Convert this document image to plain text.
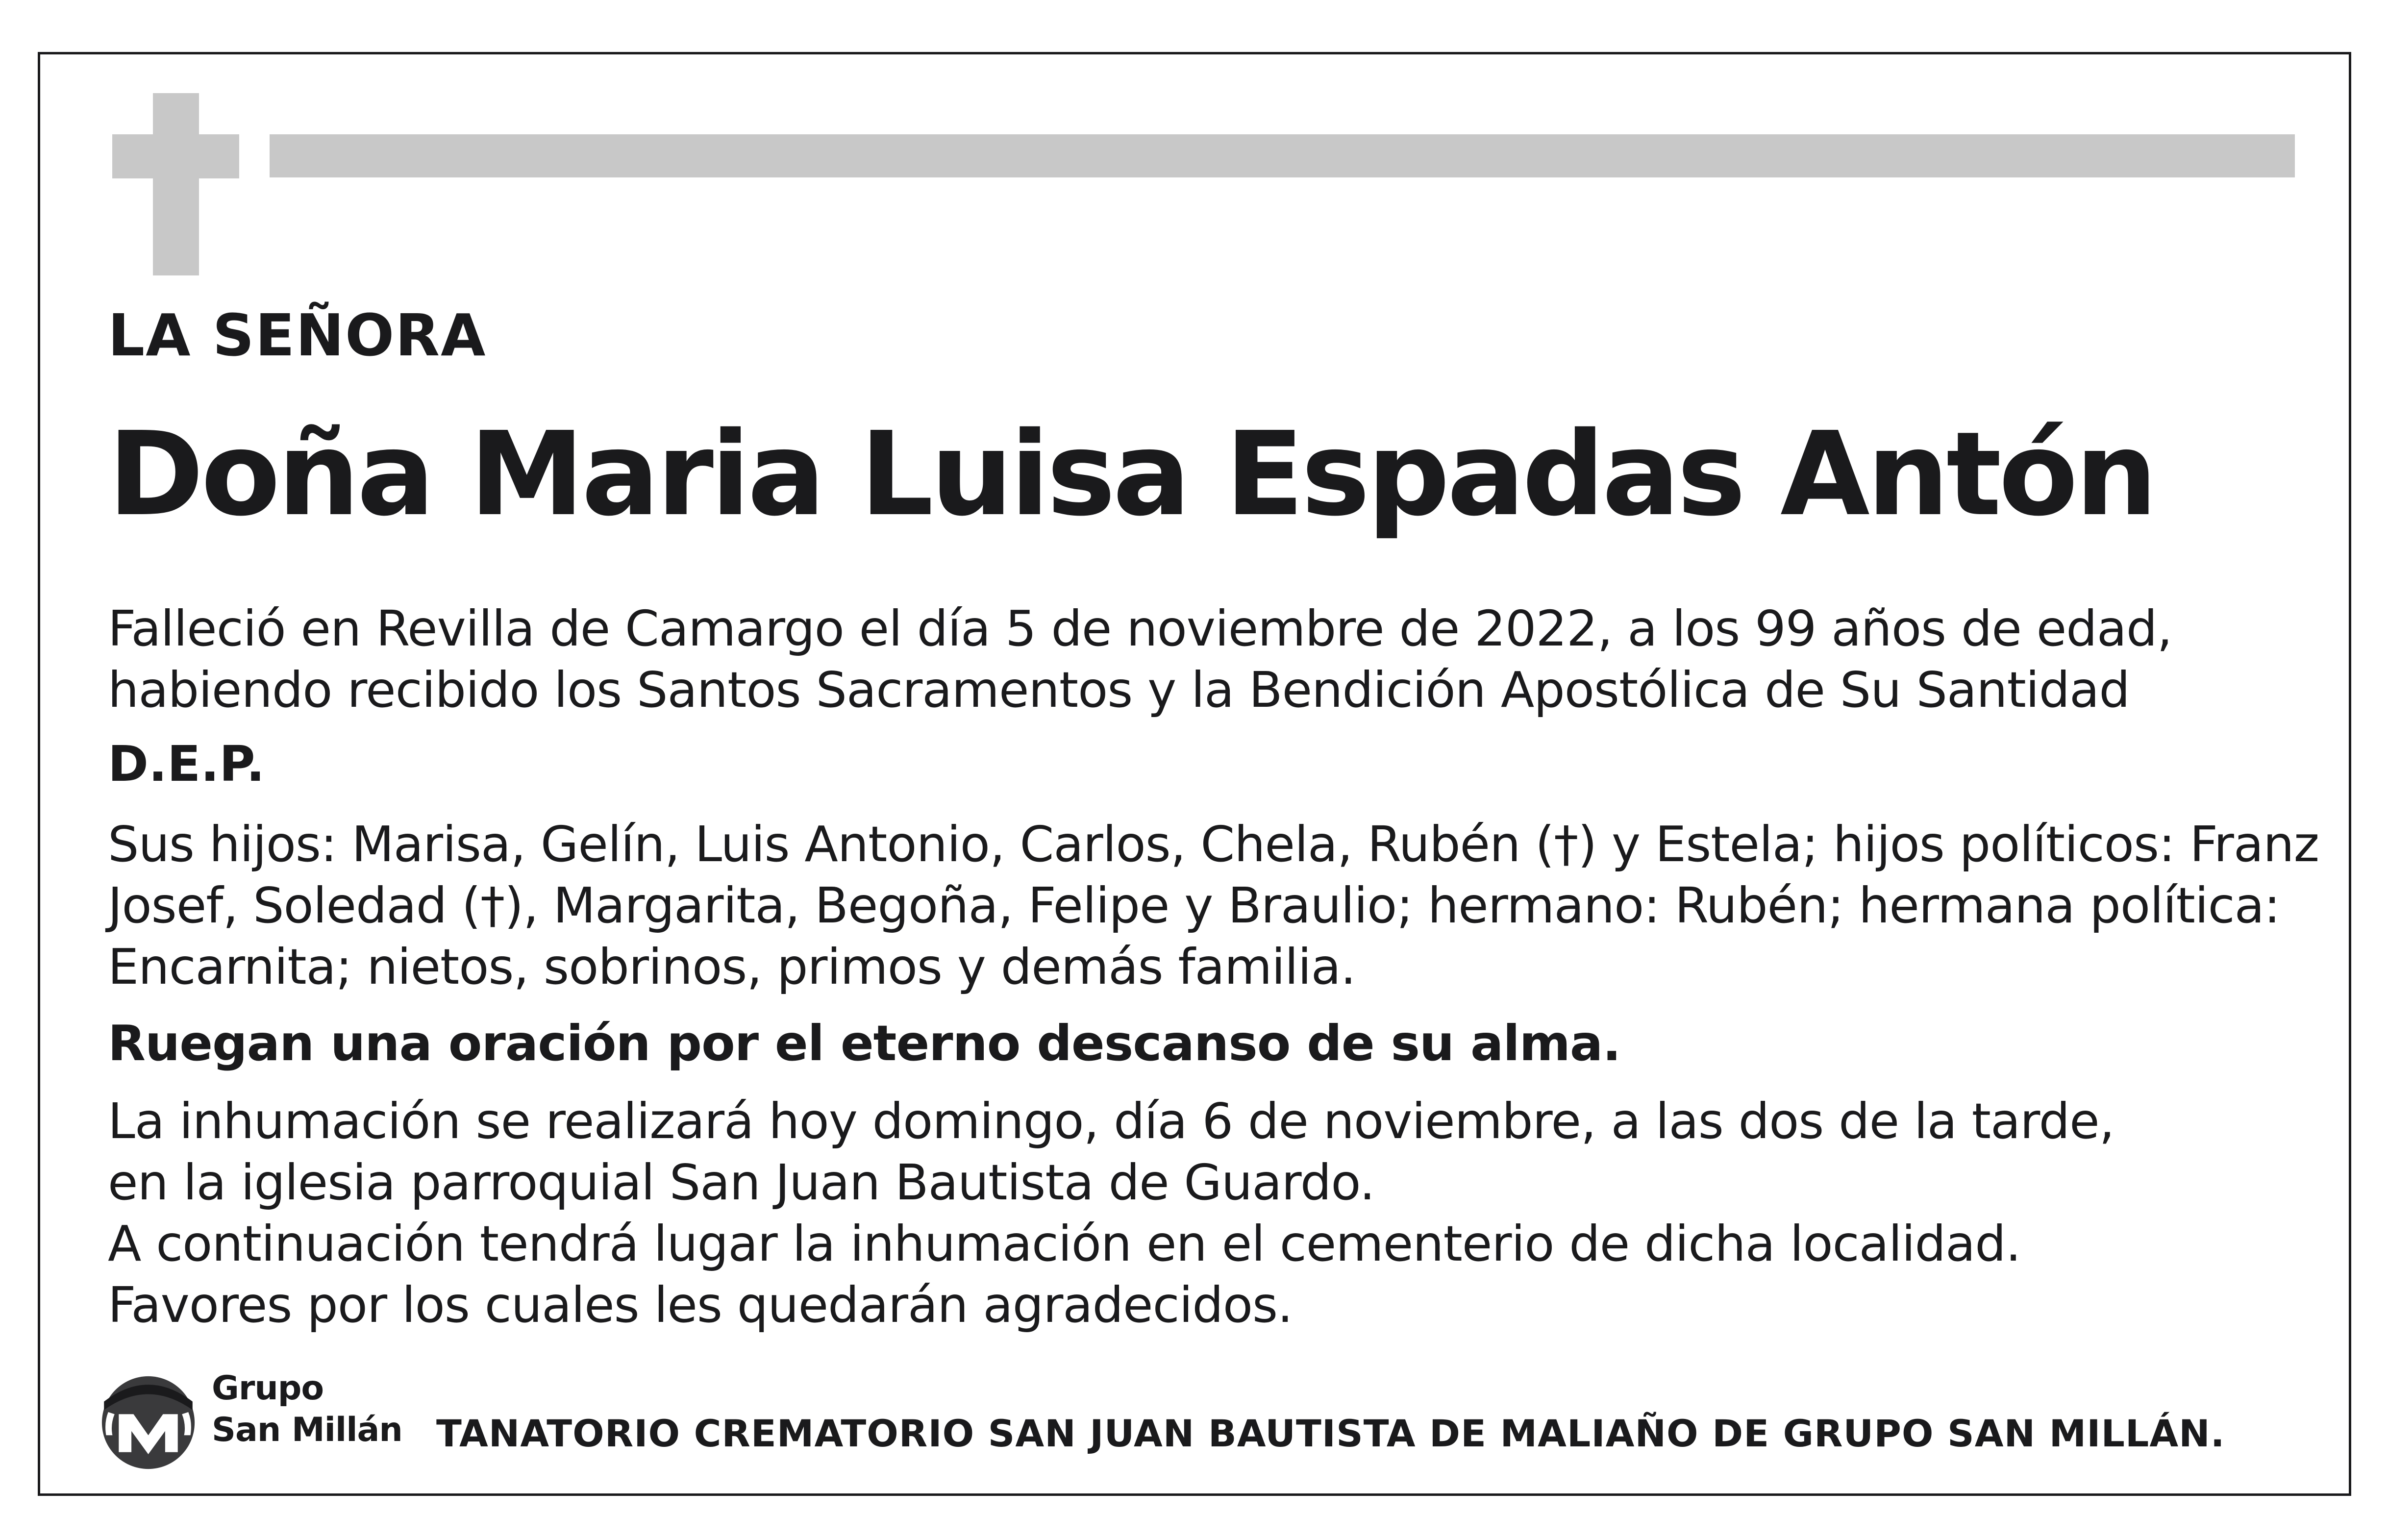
LA SEÑORA
Doña Maria Luisa Espadas Antón
Falleció en Revilla de Camargo el día 5 de noviembre de 2022, a los 99 años de edad,
habiendo recibido los Santos Sacramentos y la Bendición Apostólica de Su Santidad
D.E.P.
Sus hijos: Marisa, Gelín, Luis Antonio, Carlos, Chela, Rubén (†) y Estela; hijos políticos: Franz
Josef, Soledad (†), Margarita, Begoña, Felipe y Braulio; hermano: Rubén; hermana política:
Encarnita; nietos, sobrinos, primos y demás familia.
Ruegan una oración por el eterno descanso de su alma.
La inhumación se realizará hoy domingo, día 6 de noviembre, a las dos de la tarde,
en la iglesia parroquial San Juan Bautista de Guardo.
A continuación tendrá lugar la inhumación en el cementerio de dicha localidad.
Favores por los cuales les quedarán agradecidos.
Grupo
San Millán TANATORIO CREMATORIO SAN JUAN BAUTISTA DE MALIAÑO DE GRUPO SAN MILLÁN.
